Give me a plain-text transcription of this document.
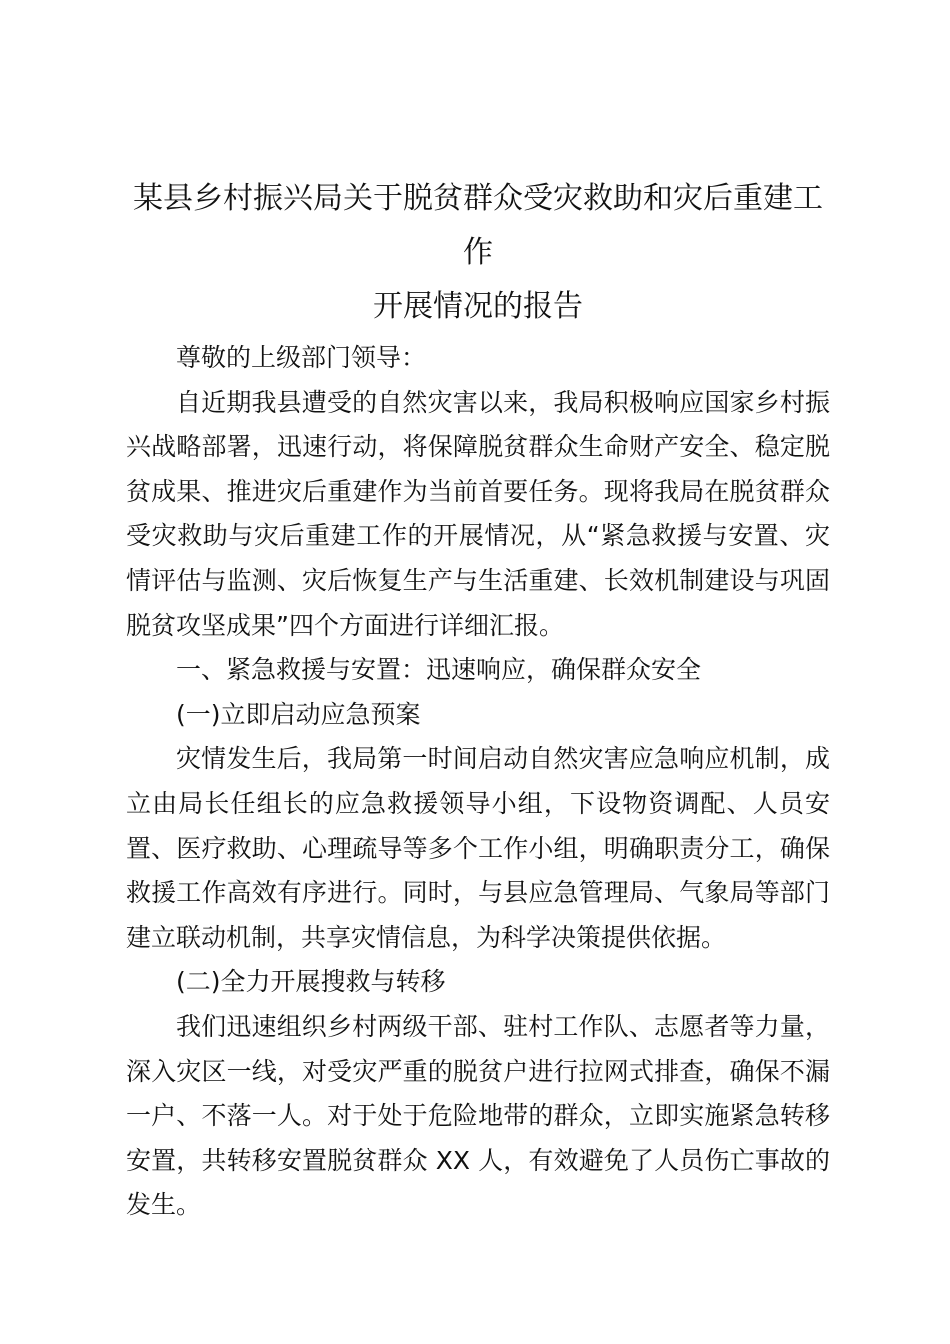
某县乡村振兴局关于脱贫群众受灾救助和灾后重建工作
开展情况的报告

尊敬的上级部门领导：

自近期我县遭受的自然灾害以来，我局积极响应国家乡村振兴战略部署，迅速行动，将保障脱贫群众生命财产安全、稳定脱贫成果、推进灾后重建作为当前首要任务。现将我局在脱贫群众受灾救助与灾后重建工作的开展情况，从“紧急救援与安置、灾情评估与监测、灾后恢复生产与生活重建、长效机制建设与巩固脱贫攻坚成果”四个方面进行详细汇报。

一、紧急救援与安置：迅速响应，确保群众安全

(一)立即启动应急预案

灾情发生后，我局第一时间启动自然灾害应急响应机制，成立由局长任组长的应急救援领导小组，下设物资调配、人员安置、医疗救助、心理疏导等多个工作小组，明确职责分工，确保救援工作高效有序进行。同时，与县应急管理局、气象局等部门建立联动机制，共享灾情信息，为科学决策提供依据。

(二)全力开展搜救与转移

我们迅速组织乡村两级干部、驻村工作队、志愿者等力量，深入灾区一线，对受灾严重的脱贫户进行拉网式排查，确保不漏一户、不落一人。对于处于危险地带的群众，立即实施紧急转移安置，共转移安置脱贫群众 XX 人，有效避免了人员伤亡事故的发生。
